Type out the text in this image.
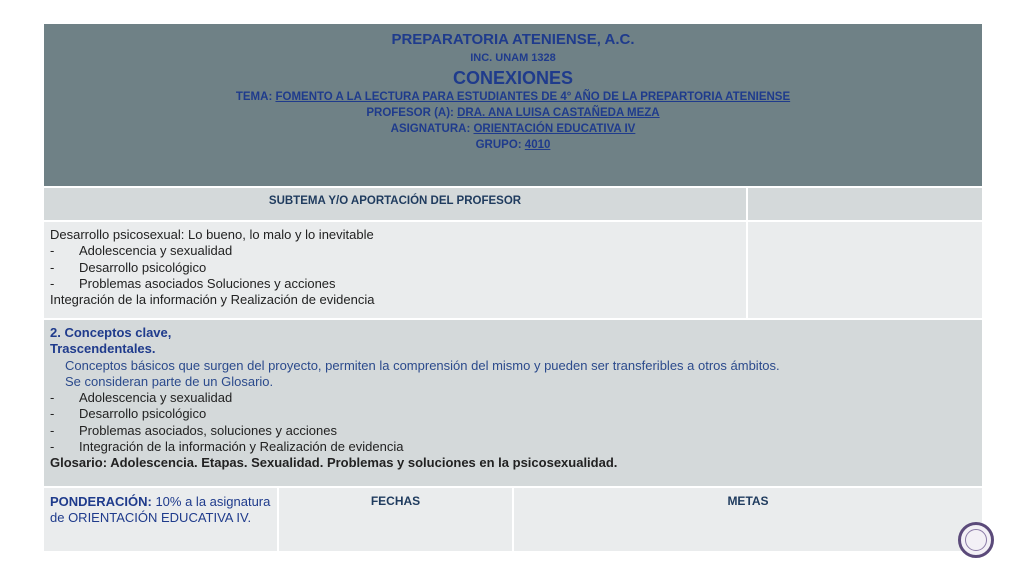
PREPARATORIA ATENIENSE, A.C.
INC. UNAM 1328
CONEXIONES
TEMA: FOMENTO A LA LECTURA PARA ESTUDIANTES DE 4° AÑO DE LA PREPARTORIA ATENIENSE
PROFESOR (A): DRA. ANA LUISA CASTAÑEDA MEZA
ASIGNATURA: ORIENTACIÓN EDUCATIVA IV
GRUPO: 4010
SUBTEMA Y/O APORTACIÓN DEL PROFESOR
Desarrollo psicosexual: Lo bueno, lo malo y lo inevitable
- Adolescencia y sexualidad
- Desarrollo psicológico
- Problemas asociados Soluciones y acciones
Integración de la información y Realización de evidencia
2. Conceptos clave,
Trascendentales.
Conceptos básicos que surgen del proyecto, permiten la comprensión del mismo y pueden ser transferibles a otros ámbitos.
Se consideran parte de un Glosario.
- Adolescencia y sexualidad
- Desarrollo psicológico
- Problemas asociados, soluciones y acciones
- Integración de la información y Realización de evidencia
Glosario: Adolescencia. Etapas. Sexualidad. Problemas y soluciones en la psicosexualidad.
PONDERACIÓN: 10% a la asignatura
de ORIENTACIÓN EDUCATIVA IV.
FECHAS	METAS
